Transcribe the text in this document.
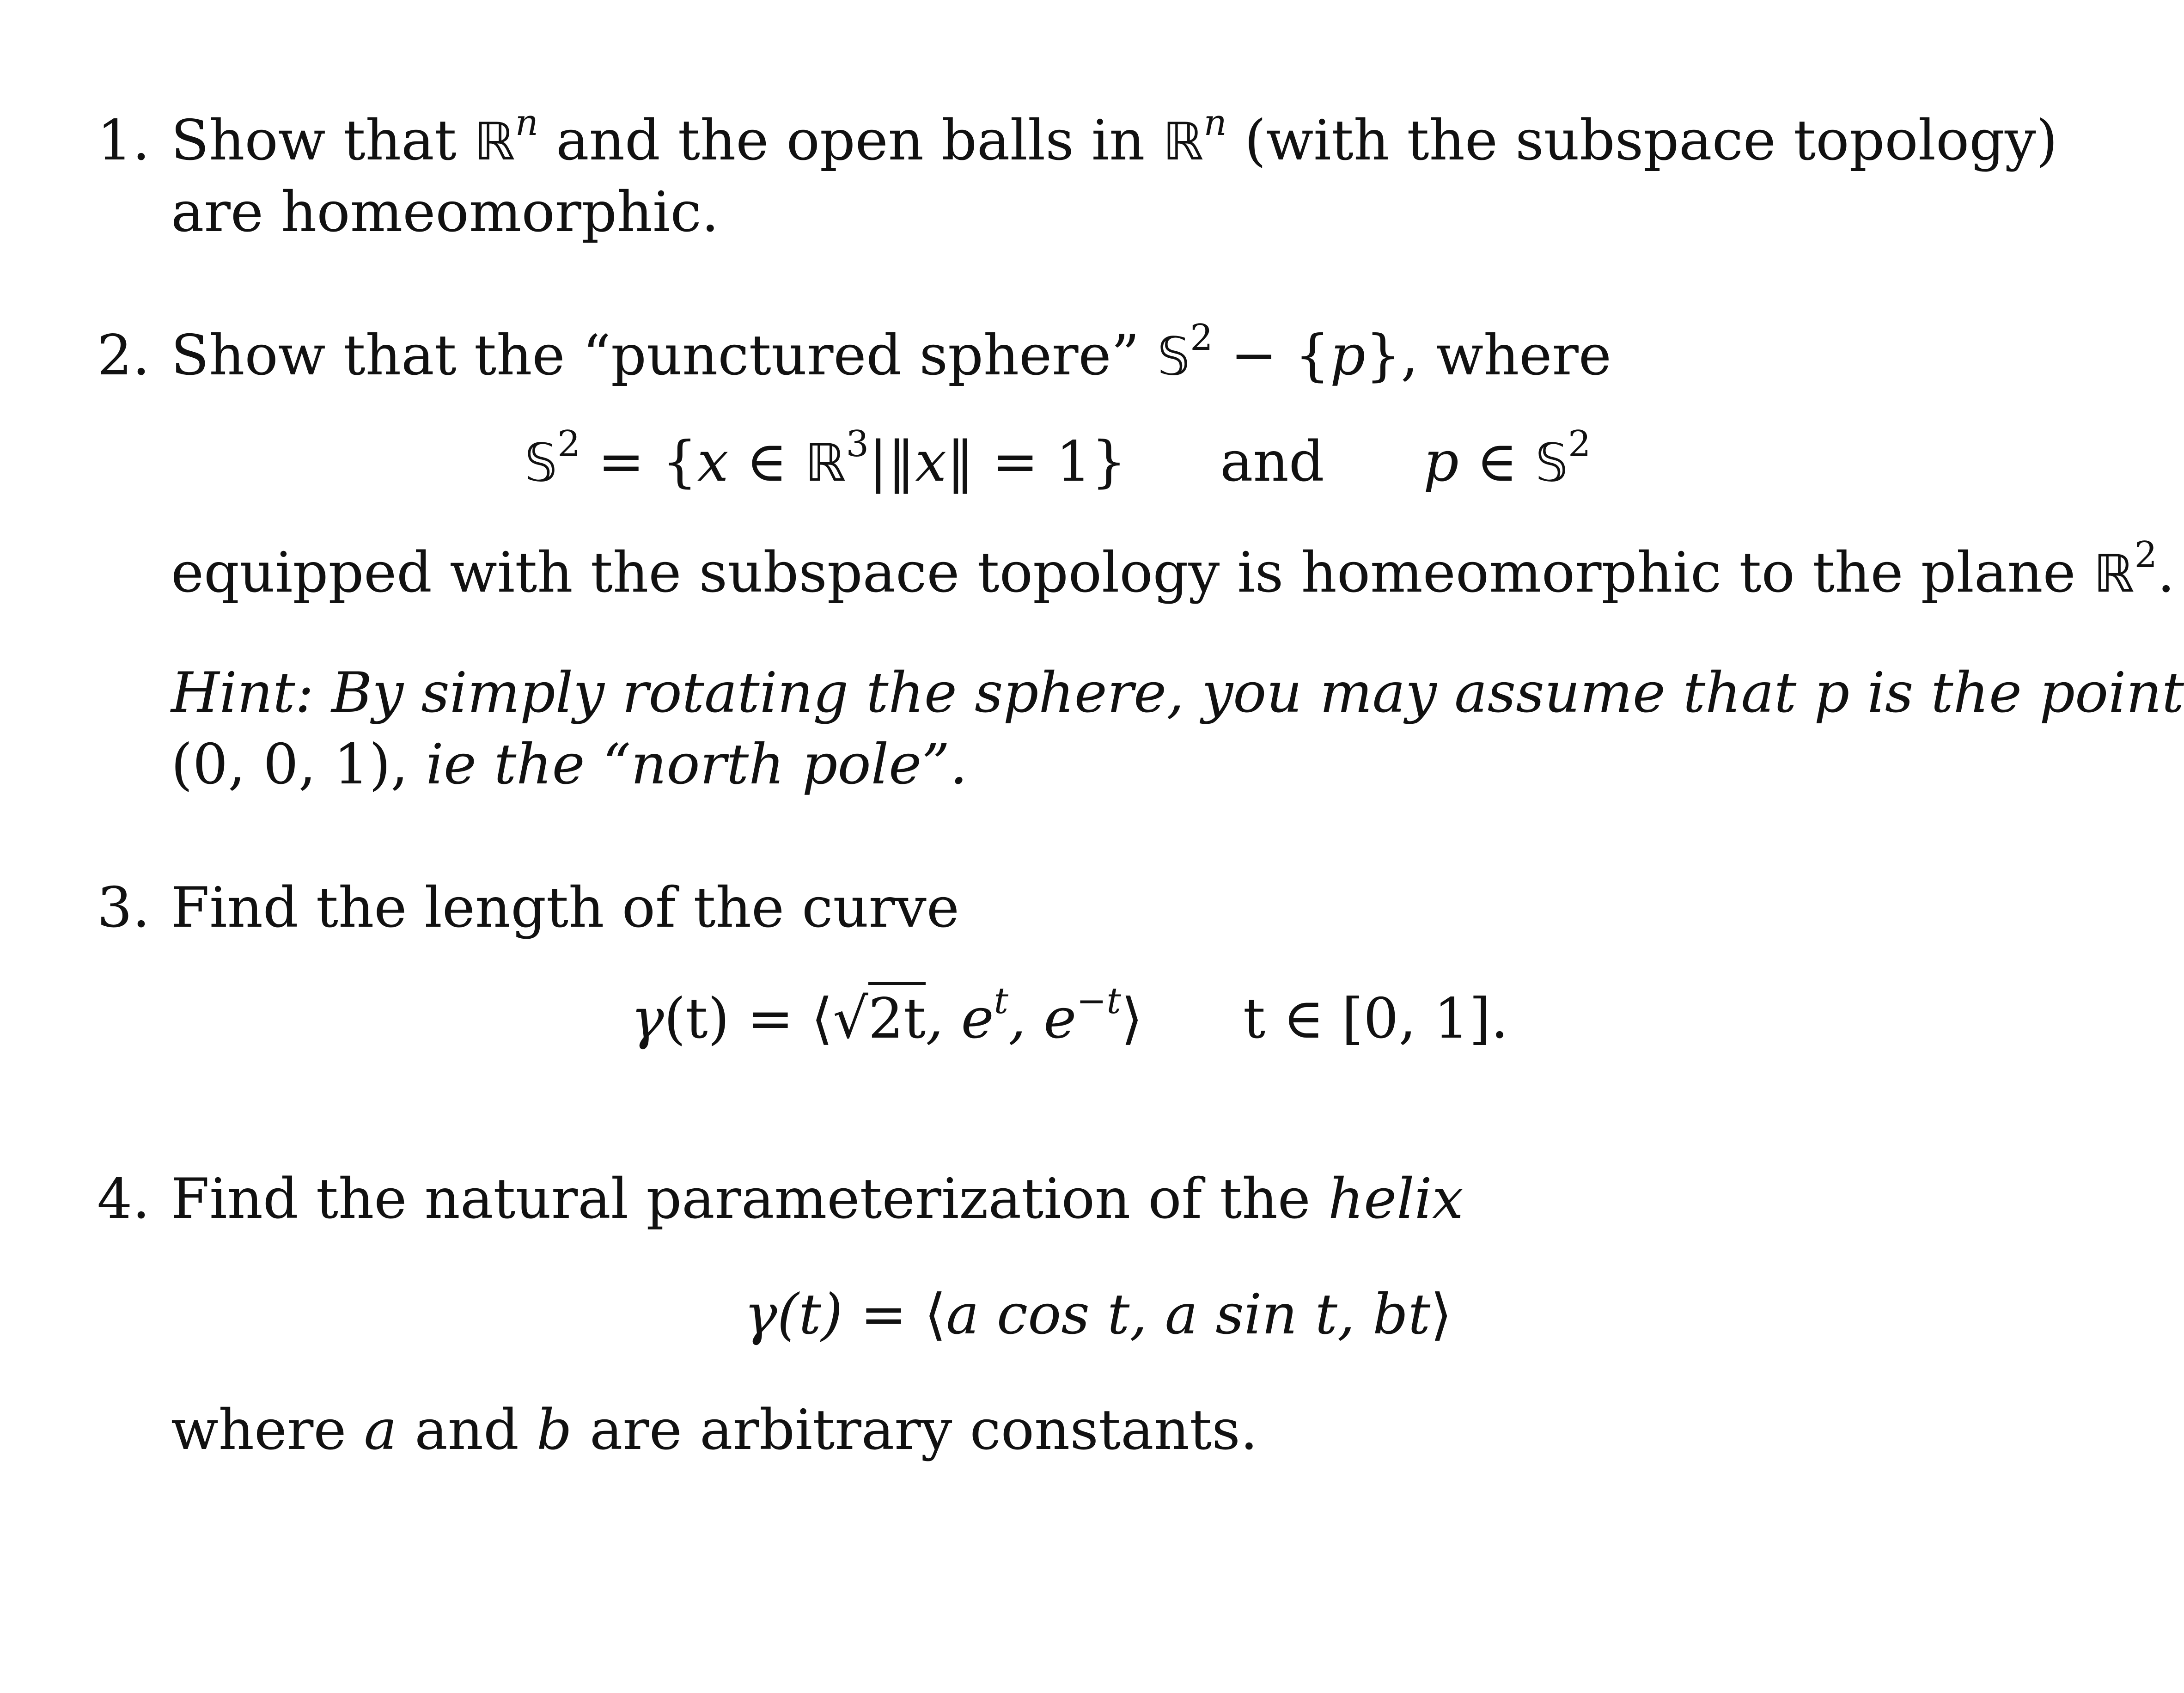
1. Show that ℝ$^n$ and the open balls in ℝ$^n$ (with the subspace topology)
are homeomorphic.
2. Show that the “punctured sphere” 𝕊$^2$ − {p}, where
𝕊$^2$ = {x ∈ ℝ$^3$|‖x‖ = 1} and p ∈ 𝕊$^2$
equipped with the subspace topology is homeomorphic to the plane ℝ$^2$.
Hint: By simply rotating the sphere, you may assume that p is the point
(0, 0, 1), ie the “north pole”.
3. Find the length of the curve
γ(t) = ⟨√2t, $e^t$, $e^{-t}⟩$ t ∈ [0, 1].
4. Find the natural parameterization of the helix
γ(t) = ⟨a cos t, a sin t, bt⟩
where a and b are arbitrary constants.
